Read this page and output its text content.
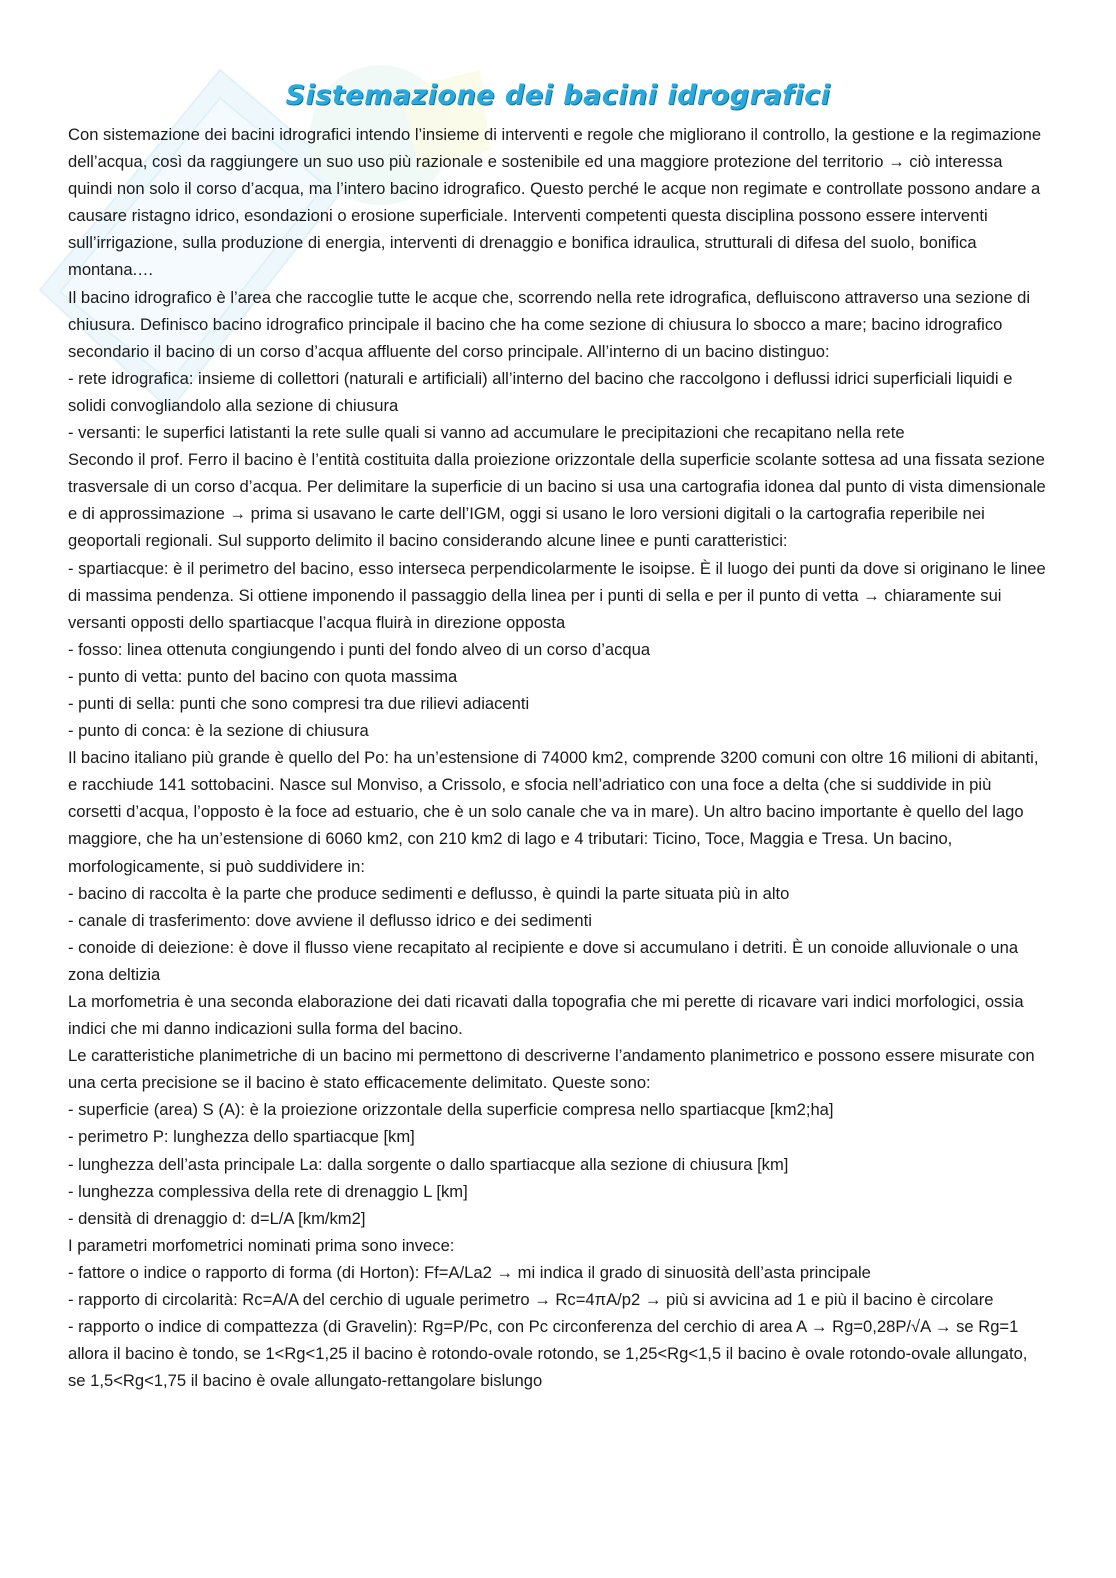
Sistemazione dei bacini idrografici

Con sistemazione dei bacini idrografici intendo l’insieme di interventi e regole che migliorano il controllo, la gestione e la regimazione dell’acqua, così da raggiungere un suo uso più razionale e sostenibile ed una maggiore protezione del territorio → ciò interessa quindi non solo il corso d’acqua, ma l’intero bacino idrografico. Questo perché le acque non regimate e controllate possono andare a causare ristagno idrico, esondazioni o erosione superficiale. Interventi competenti questa disciplina possono essere interventi sull’irrigazione, sulla produzione di energia, interventi di drenaggio e bonifica idraulica, strutturali di difesa del suolo, bonifica montana.…

Il bacino idrografico è l’area che raccoglie tutte le acque che, scorrendo nella rete idrografica, defluiscono attraverso una sezione di chiusura. Definisco bacino idrografico principale il bacino che ha come sezione di chiusura lo sbocco a mare; bacino idrografico secondario il bacino di un corso d’acqua affluente del corso principale. All’interno di un bacino distinguo:

- rete idrografica: insieme di collettori (naturali e artificiali) all’interno del bacino che raccolgono i deflussi idrici superficiali liquidi e solidi convogliandolo alla sezione di chiusura

- versanti: le superfici latistanti la rete sulle quali si vanno ad accumulare le precipitazioni che recapitano nella rete

Secondo il prof. Ferro il bacino è l’entità costituita dalla proiezione orizzontale della superficie scolante sottesa ad una fissata sezione trasversale di un corso d’acqua. Per delimitare la superficie di un bacino si usa una cartografia idonea dal punto di vista dimensionale e di approssimazione → prima si usavano le carte dell’IGM, oggi si usano le loro versioni digitali o la cartografia reperibile nei geoportali regionali. Sul supporto delimito il bacino considerando alcune linee e punti caratteristici:

- spartiacque: è il perimetro del bacino, esso interseca perpendicolarmente le isoipse. È il luogo dei punti da dove si originano le linee di massima pendenza. Si ottiene imponendo il passaggio della linea per i punti di sella e per il punto di vetta → chiaramente sui versanti opposti dello spartiacque l’acqua fluirà in direzione opposta

- fosso: linea ottenuta congiungendo i punti del fondo alveo di un corso d’acqua

- punto di vetta: punto del bacino con quota massima

- punti di sella: punti che sono compresi tra due rilievi adiacenti

- punto di conca: è la sezione di chiusura

Il bacino italiano più grande è quello del Po: ha un’estensione di 74000 km2, comprende 3200 comuni con oltre 16 milioni di abitanti, e racchiude 141 sottobacini. Nasce sul Monviso, a Crissolo, e sfocia nell’adriatico con una foce a delta (che si suddivide in più corsetti d’acqua, l’opposto è la foce ad estuario, che è un solo canale che va in mare). Un altro bacino importante è quello del lago maggiore, che ha un’estensione di 6060 km2, con 210 km2 di lago e 4 tributari: Ticino, Toce, Maggia e Tresa. Un bacino, morfologicamente, si può suddividere in:

- bacino di raccolta è la parte che produce sedimenti e deflusso, è quindi la parte situata più in alto

- canale di trasferimento: dove avviene il deflusso idrico e dei sedimenti

- conoide di deiezione: è dove il flusso viene recapitato al recipiente e dove si accumulano i detriti. È un conoide alluvionale o una zona deltizia

La morfometria è una seconda elaborazione dei dati ricavati dalla topografia che mi perette di ricavare vari indici morfologici, ossia indici che mi danno indicazioni sulla forma del bacino.

Le caratteristiche planimetriche di un bacino mi permettono di descriverne l’andamento planimetrico e possono essere misurate con una certa precisione se il bacino è stato efficacemente delimitato. Queste sono:

- superficie (area) S (A): è la proiezione orizzontale della superficie compresa nello spartiacque [km2;ha]

- perimetro P: lunghezza dello spartiacque [km]

- lunghezza dell’asta principale La: dalla sorgente o dallo spartiacque alla sezione di chiusura [km]

- lunghezza complessiva della rete di drenaggio L [km]

- densità di drenaggio d: d=L/A [km/km2]

I parametri morfometrici nominati prima sono invece:

- fattore o indice o rapporto di forma (di Horton): Ff=A/La2 → mi indica il grado di sinuosità dell’asta principale

- rapporto di circolarità: Rc=A/A del cerchio di uguale perimetro → Rc=4πA/p2 → più si avvicina ad 1 e più il bacino è circolare

- rapporto o indice di compattezza (di Gravelin): Rg=P/Pc, con Pc circonferenza del cerchio di area A → Rg=0,28P/√A → se Rg=1 allora il bacino è tondo, se 1<Rg<1,25 il bacino è rotondo-ovale rotondo, se 1,25<Rg<1,5 il bacino è ovale rotondo-ovale allungato, se 1,5<Rg<1,75 il bacino è ovale allungato-rettangolare bislungo
